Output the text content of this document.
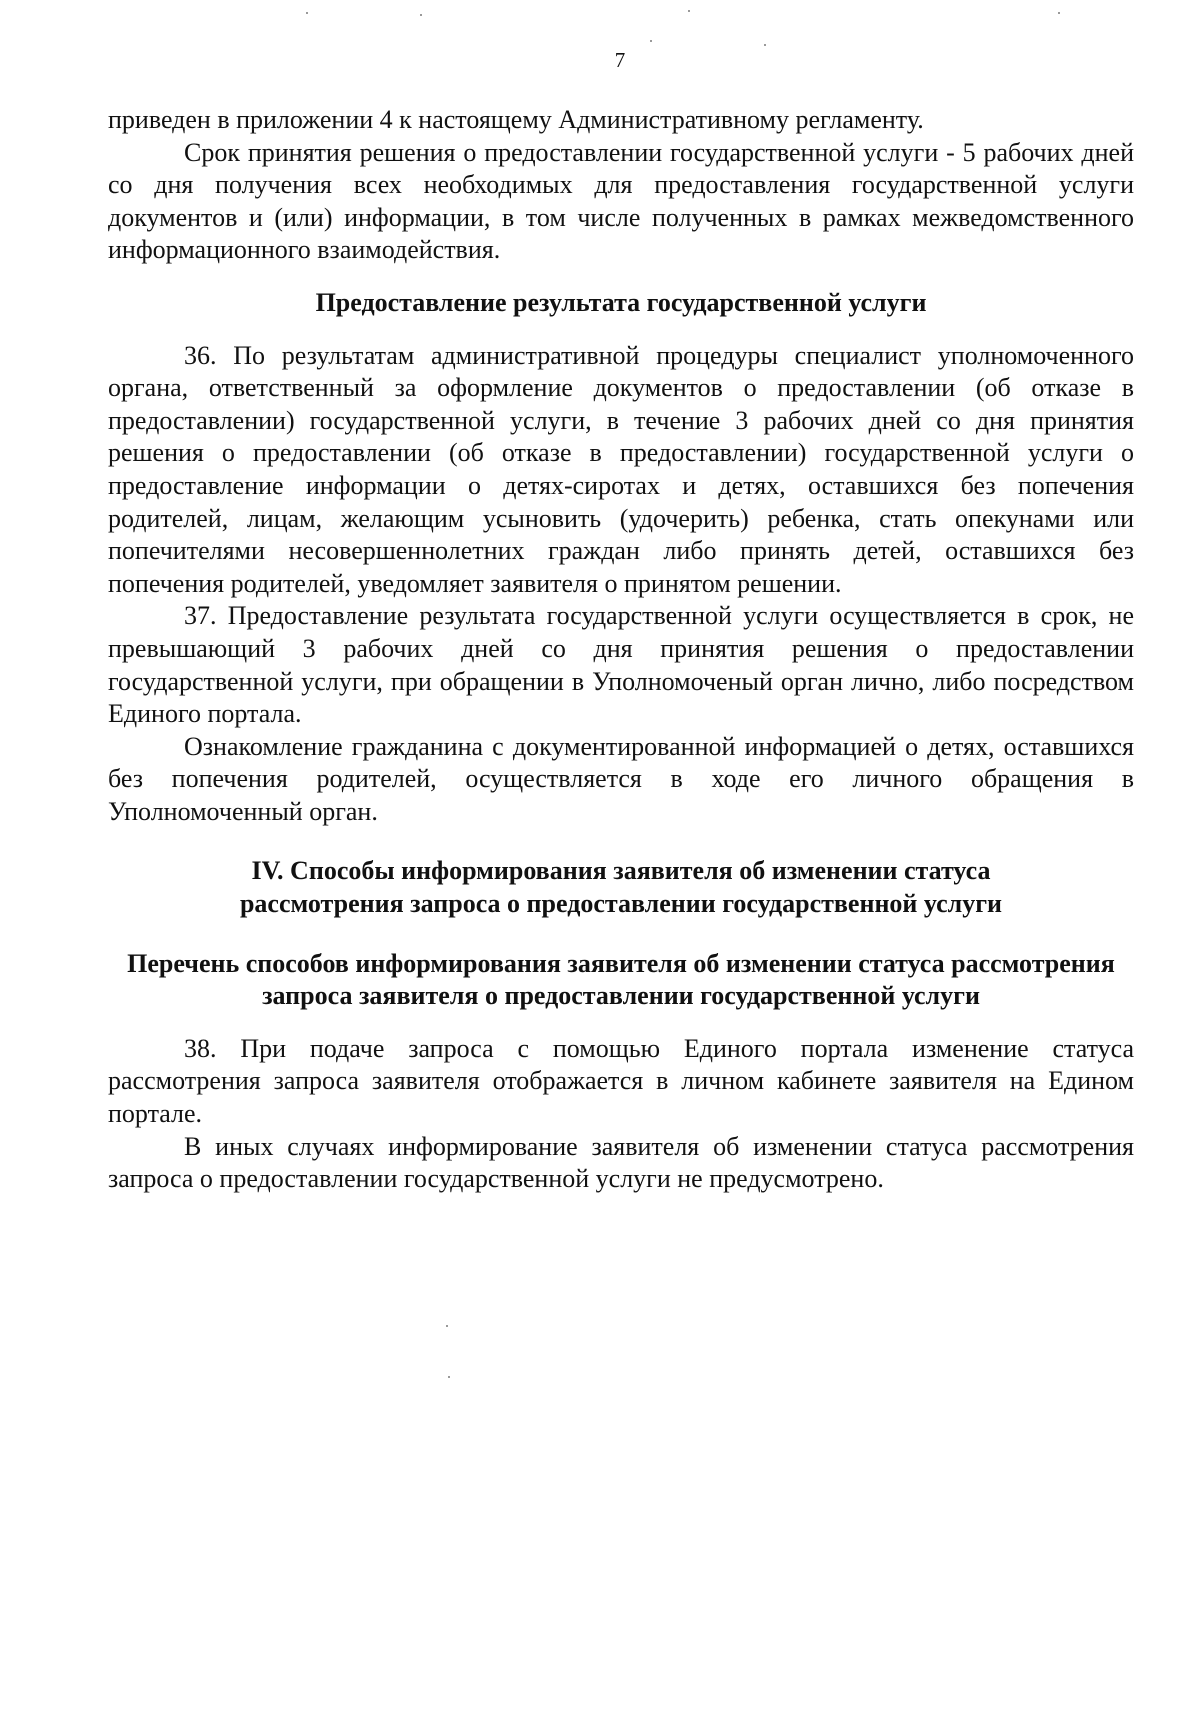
7

приведен в приложении 4 к настоящему Административному регламенту.

Срок принятия решения о предоставлении государственной услуги - 5 рабочих дней со дня получения всех необходимых для предоставления государственной услуги документов и (или) информации, в том числе полученных в рамках межведомственного информационного взаимодействия.

Предоставление результата государственной услуги

36. По результатам административной процедуры специалист уполномоченного органа, ответственный за оформление документов о предоставлении (об отказе в предоставлении) государственной услуги, в течение 3 рабочих дней со дня принятия решения о предоставлении (об отказе в предоставлении) государственной услуги о предоставление информации о детях-сиротах и детях, оставшихся без попечения родителей, лицам, желающим усыновить (удочерить) ребенка, стать опекунами или попечителями несовершеннолетних граждан либо принять детей, оставшихся без попечения родителей, уведомляет заявителя о принятом решении.

37. Предоставление результата государственной услуги осуществляется в срок, не превышающий 3 рабочих дней со дня принятия решения о предоставлении государственной услуги, при обращении в Уполномоченый орган лично, либо посредством Единого портала.

Ознакомление гражданина с документированной информацией о детях, оставшихся без попечения родителей, осуществляется в ходе его личного обращения в Уполномоченный орган.

IV. Способы информирования заявителя об изменении статуса рассмотрения запроса о предоставлении государственной услуги
Перечень способов информирования заявителя об изменении статуса рассмотрения запроса заявителя о предоставлении государственной услуги

38. При подаче запроса с помощью Единого портала изменение статуса рассмотрения запроса заявителя отображается в личном кабинете заявителя на Едином портале.

В иных случаях информирование заявителя об изменении статуса рассмотрения запроса о предоставлении государственной услуги не предусмотрено.
